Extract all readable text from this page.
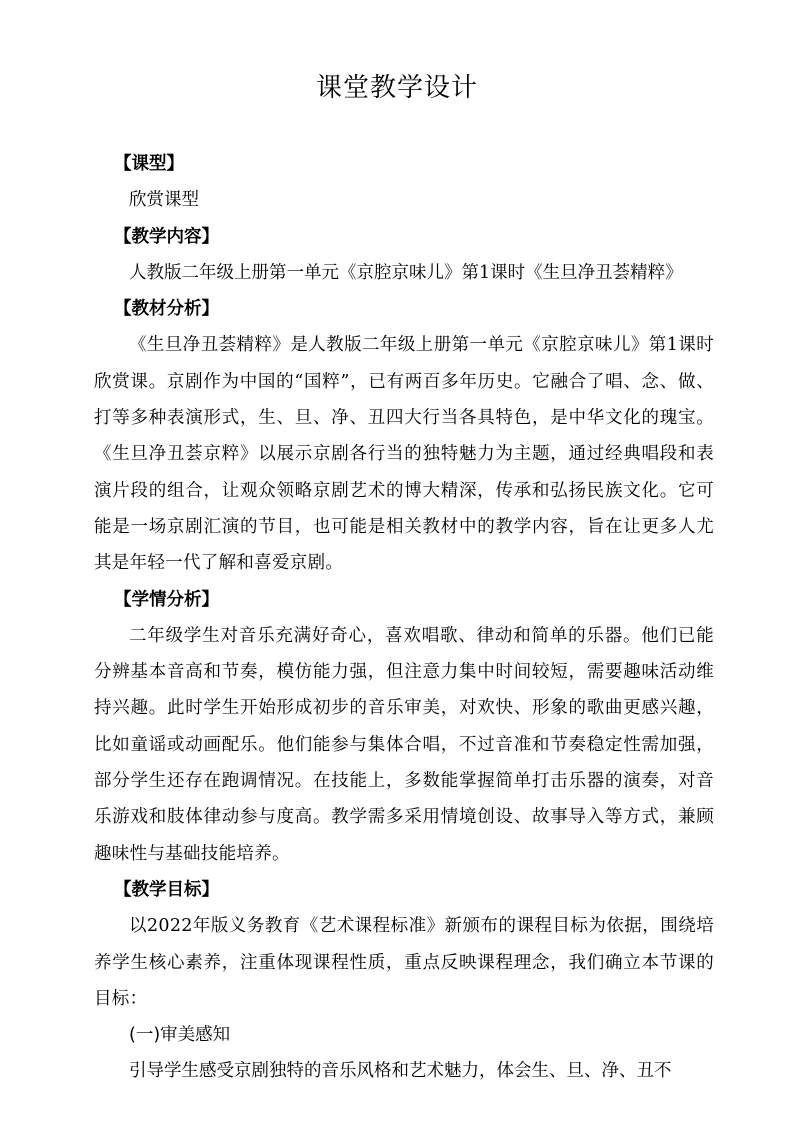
课堂教学设计
【课型】
欣赏课型
【教学内容】
人教版二年级上册第一单元《京腔京味儿》第1课时《生旦净丑荟精粹》
【教材分析】

《生旦净丑荟精粹》是人教版二年级上册第一单元《京腔京味儿》第1课时欣赏课。京剧作为中国的“国粹”，已有两百多年历史。它融合了唱、念、做、打等多种表演形式，生、旦、净、丑四大行当各具特色，是中华文化的瑰宝。《生旦净丑荟京粹》以展示京剧各行当的独特魅力为主题，通过经典唱段和表演片段的组合，让观众领略京剧艺术的博大精深，传承和弘扬民族文化。它可能是一场京剧汇演的节目，也可能是相关教材中的教学内容，旨在让更多人尤其是年轻一代了解和喜爱京剧。

【学情分析】

二年级学生对音乐充满好奇心，喜欢唱歌、律动和简单的乐器。他们已能分辨基本音高和节奏，模仿能力强，但注意力集中时间较短，需要趣味活动维持兴趣。此时学生开始形成初步的音乐审美，对欢快、形象的歌曲更感兴趣，比如童谣或动画配乐。他们能参与集体合唱，不过音准和节奏稳定性需加强，部分学生还存在跑调情况。在技能上，多数能掌握简单打击乐器的演奏，对音乐游戏和肢体律动参与度高。教学需多采用情境创设、故事导入等方式，兼顾趣味性与基础技能培养。

【教学目标】

以2022年版义务教育《艺术课程标准》新颁布的课程目标为依据，围绕培养学生核心素养，注重体现课程性质，重点反映课程理念，我们确立本节课的目标：

(一)审美感知
引导学生感受京剧独特的音乐风格和艺术魅力，体会生、旦、净、丑不
